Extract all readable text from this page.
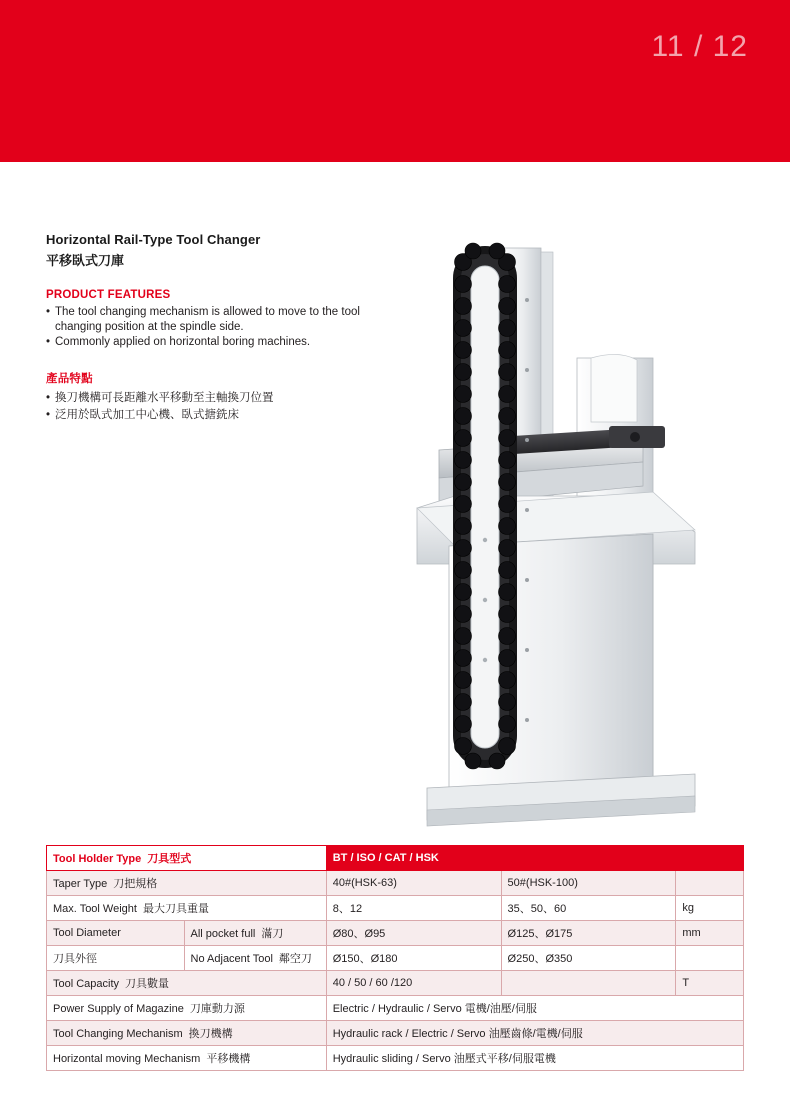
11 / 12
Horizontal Rail-Type Tool Changer
平移臥式刀庫
PRODUCT FEATURES
• The tool changing mechanism is allowed to move to the tool changing position at the spindle side.
• Commonly applied on horizontal boring machines.
產品特點
• 換刀機構可長距離水平移動至主軸換刀位置
• 泛用於臥式加工中心機、臥式搪銑床
Tool Holder Type 刀具型式		BT / ISO / CAT / HSK		
Taper Type 刀把規格		40#(HSK-63)	50#(HSK-100)	
Max. Tool Weight 最大刀具重量		8、12	35、50、60	kg
Tool Diameter	All pocket full 滿刀	Ø80、Ø95	Ø125、Ø175	mm
刀具外徑	No Adjacent Tool 鄰空刀	Ø150、Ø180	Ø250、Ø350	
Tool Capacity 刀具數量		40 / 50 / 60 /120		T
Power Supply of Magazine 刀庫動力源		Electric / Hydraulic / Servo 電機/油壓/伺服		
Tool Changing Mechanism 換刀機構		Hydraulic rack / Electric / Servo 油壓齒條/電機/伺服		
Horizontal moving Mechanism 平移機構		Hydraulic sliding / Servo 油壓式平移/伺服電機		
